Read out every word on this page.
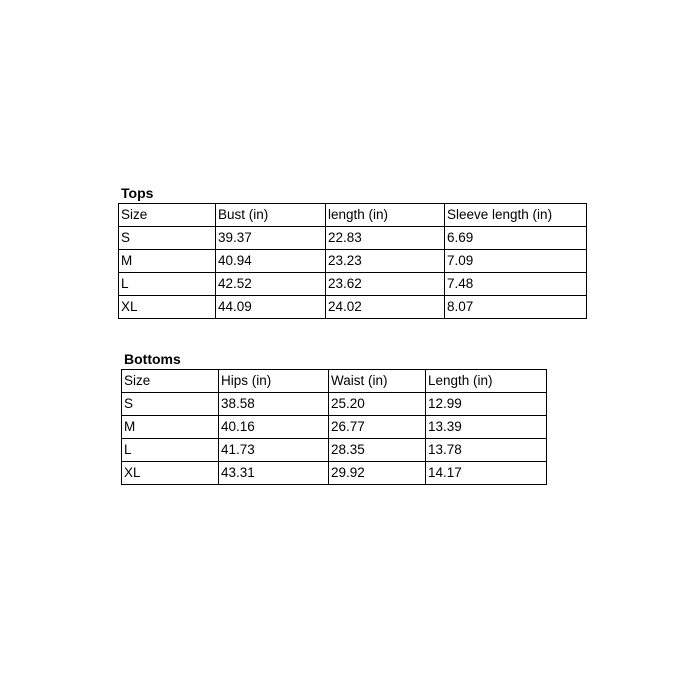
Tops
Size	Bust (in)	length (in)	Sleeve length (in)
S	39.37	22.83	6.69
M	40.94	23.23	7.09
L	42.52	23.62	7.48
XL	44.09	24.02	8.07
Bottoms
Size	Hips (in)	Waist (in)	Length (in)
S	38.58	25.20	12.99
M	40.16	26.77	13.39
L	41.73	28.35	13.78
XL	43.31	29.92	14.17
